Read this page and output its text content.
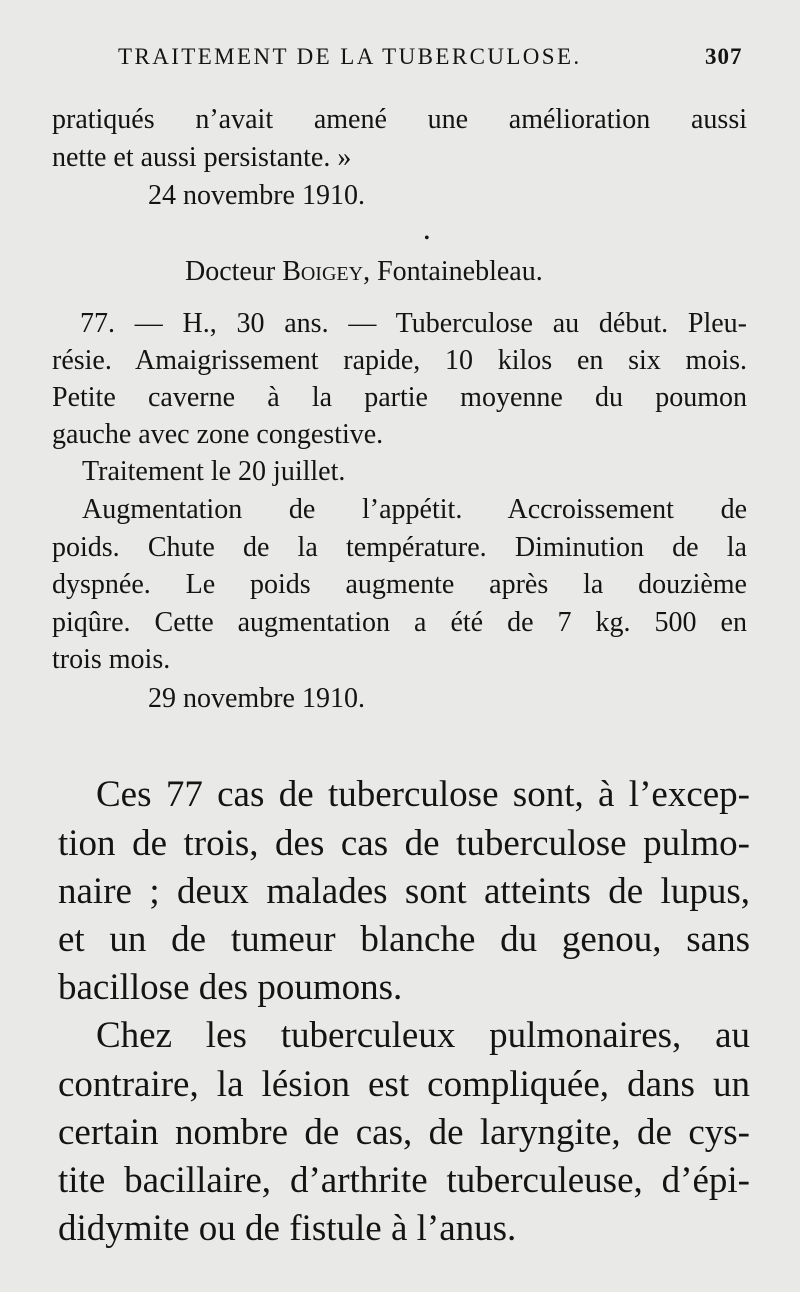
TRAITEMENT DE LA TUBERCULOSE.	307
pratiqués n’avait amené une amélioration aussi
nette et aussi persistante. »
24 novembre 1910.
•
Docteur Boigey, Fontainebleau.
77. — H., 30 ans. — Tuberculose au début. Pleu-
résie. Amaigrissement rapide, 10 kilos en six mois.
Petite caverne à la partie moyenne du poumon
gauche avec zone congestive.
Traitement le 20 juillet.
Augmentation de l’appétit. Accroissement de
poids. Chute de la température. Diminution de la
dyspnée. Le poids augmente après la douzième
piqûre. Cette augmentation a été de 7 kg. 500 en
trois mois.
29 novembre 1910.
Ces 77 cas de tuberculose sont, à l’excep-
tion de trois, des cas de tuberculose pulmo-
naire ; deux malades sont atteints de lupus,
et un de tumeur blanche du genou, sans
bacillose des poumons.
Chez les tuberculeux pulmonaires, au
contraire, la lésion est compliquée, dans un
certain nombre de cas, de laryngite, de cys-
tite bacillaire, d’arthrite tuberculeuse, d’épi-
didymite ou de fistule à l’anus.
